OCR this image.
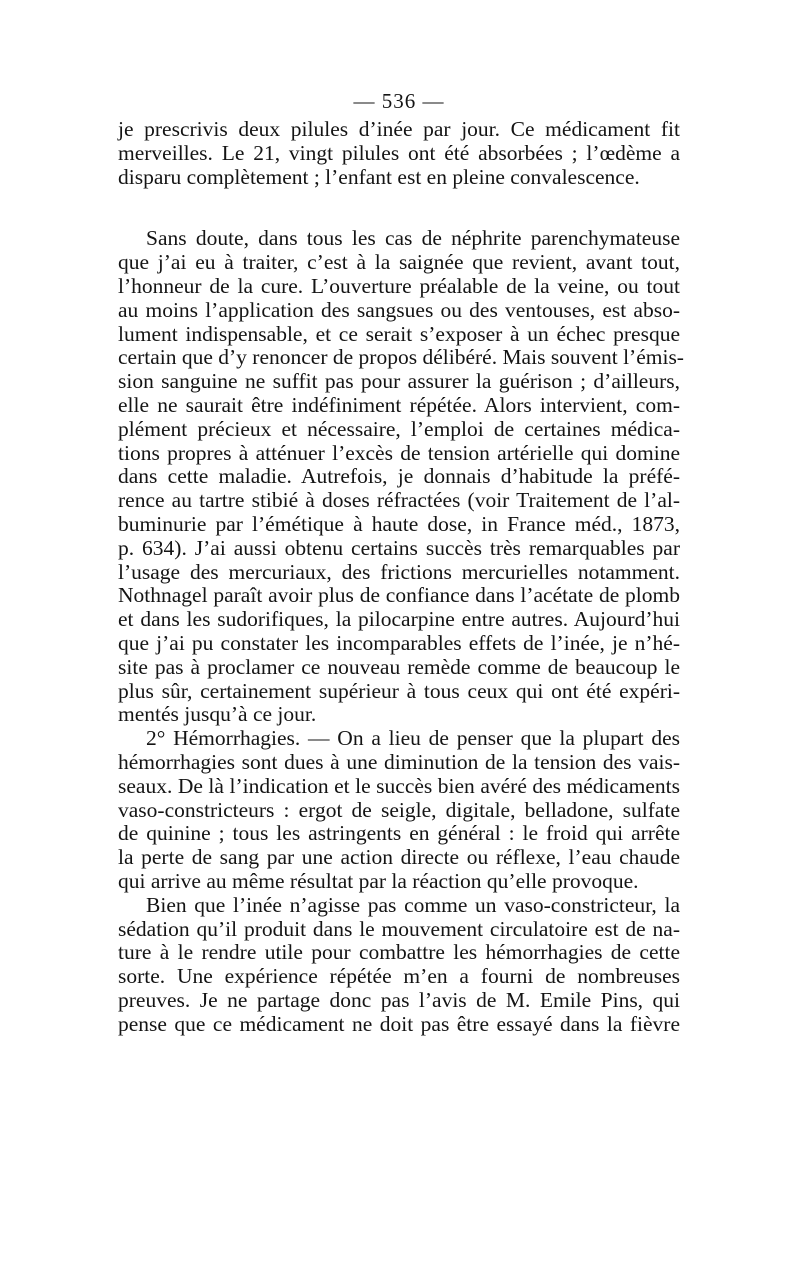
— 536 —
je prescrivis deux pilules d’inée par jour. Ce médicament fit
merveilles. Le 21, vingt pilules ont été absorbées ; l’œdème a
disparu complètement ; l’enfant est en pleine convalescence.
Sans doute, dans tous les cas de néphrite parenchymateuse
que j’ai eu à traiter, c’est à la saignée que revient, avant tout,
l’honneur de la cure. L’ouverture préalable de la veine, ou tout
au moins l’application des sangsues ou des ventouses, est abso-
lument indispensable, et ce serait s’exposer à un échec presque
certain que d’y renoncer de propos délibéré. Mais souvent l’émis-
sion sanguine ne suffit pas pour assurer la guérison ; d’ailleurs,
elle ne saurait être indéfiniment répétée. Alors intervient, com-
plément précieux et nécessaire, l’emploi de certaines médica-
tions propres à atténuer l’excès de tension artérielle qui domine
dans cette maladie. Autrefois, je donnais d’habitude la préfé-
rence au tartre stibié à doses réfractées (voir Traitement de l’al-
buminurie par l’émétique à haute dose, in France méd., 1873,
p. 634). J’ai aussi obtenu certains succès très remarquables par
l’usage des mercuriaux, des frictions mercurielles notamment.
Nothnagel paraît avoir plus de confiance dans l’acétate de plomb
et dans les sudorifiques, la pilocarpine entre autres. Aujourd’hui
que j’ai pu constater les incomparables effets de l’inée, je n’hé-
site pas à proclamer ce nouveau remède comme de beaucoup le
plus sûr, certainement supérieur à tous ceux qui ont été expéri-
mentés jusqu’à ce jour.
2° Hémorrhagies. — On a lieu de penser que la plupart des
hémorrhagies sont dues à une diminution de la tension des vais-
seaux. De là l’indication et le succès bien avéré des médicaments
vaso-constricteurs : ergot de seigle, digitale, belladone, sulfate
de quinine ; tous les astringents en général : le froid qui arrête
la perte de sang par une action directe ou réflexe, l’eau chaude
qui arrive au même résultat par la réaction qu’elle provoque.
Bien que l’inée n’agisse pas comme un vaso-constricteur, la
sédation qu’il produit dans le mouvement circulatoire est de na-
ture à le rendre utile pour combattre les hémorrhagies de cette
sorte. Une expérience répétée m’en a fourni de nombreuses
preuves. Je ne partage donc pas l’avis de M. Emile Pins, qui
pense que ce médicament ne doit pas être essayé dans la fièvre
